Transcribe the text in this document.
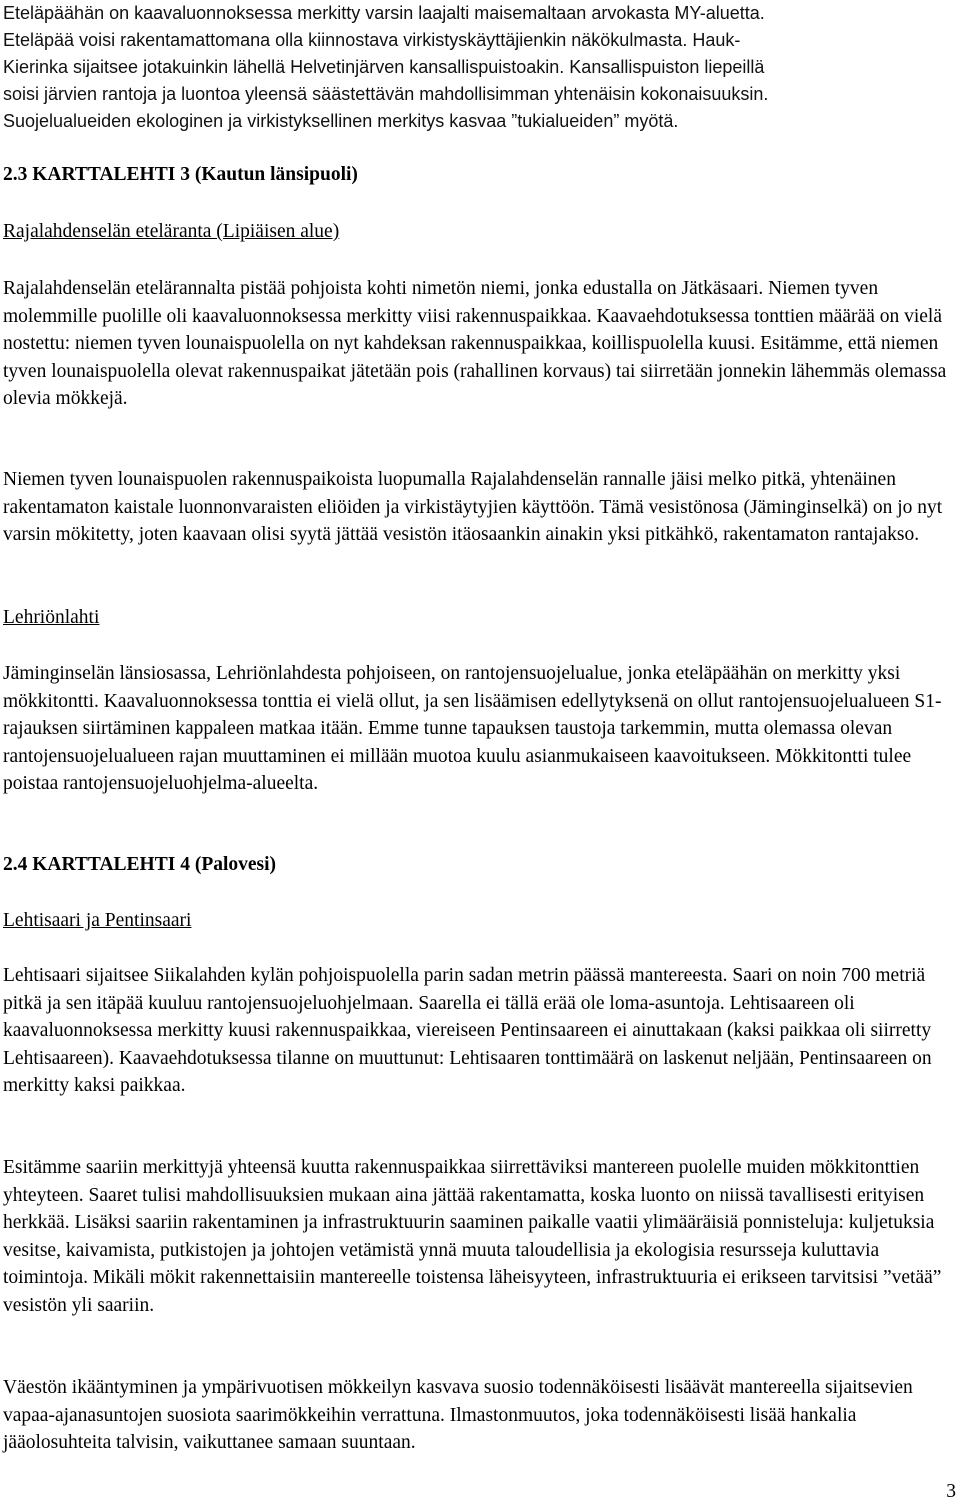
Eteläpäähän on kaavaluonnoksessa merkitty varsin laajalti maisemaltaan arvokasta MY-aluetta.

Eteläpää voisi rakentamattomana olla kiinnostava virkistyskäyttäjienkin näkökulmasta. Hauk-

Kierinka sijaitsee jotakuinkin lähellä Helvetinjärven kansallispuistoakin. Kansallispuiston liepeillä

soisi järvien rantoja ja luontoa yleensä säästettävän mahdollisimman yhtenäisin kokonaisuuksin.

Suojelualueiden ekologinen ja virkistyksellinen merkitys kasvaa ”tukialueiden” myötä.

2.3 KARTTALEHTI 3 (Kautun länsipuoli)

Rajalahdenselän eteläranta (Lipiäisen alue)

Rajalahdenselän etelärannalta pistää pohjoista kohti nimetön niemi, jonka edustalla on Jätkäsaari. Niemen tyven molemmille puolille oli kaavaluonnoksessa merkitty viisi rakennuspaikkaa. Kaavaehdotuksessa tonttien määrää on vielä nostettu: niemen tyven lounaispuolella on nyt kahdeksan rakennuspaikkaa, koillispuolella kuusi. Esitämme, että niemen tyven lounaispuolella olevat rakennuspaikat jätetään pois (rahallinen korvaus) tai siirretään jonnekin lähemmäs olemassa olevia mökkejä.

Niemen tyven lounaispuolen rakennuspaikoista luopumalla Rajalahdenselän rannalle jäisi melko pitkä, yhtenäinen rakentamaton kaistale luonnonvaraisten eliöiden ja virkistäytyjien käyttöön. Tämä vesistönosa (Jäminginselkä) on jo nyt varsin mökitetty, joten kaavaan olisi syytä jättää vesistön itäosaankin ainakin yksi pitkähkö, rakentamaton rantajakso.

Lehriönlahti

Jäminginselän länsiosassa, Lehriönlahdesta pohjoiseen, on rantojensuojelualue, jonka eteläpäähän on merkitty yksi mökkitontti. Kaavaluonnoksessa tonttia ei vielä ollut, ja sen lisäämisen edellytyksenä on ollut rantojensuojelualueen S1-rajauksen siirtäminen kappaleen matkaa itään. Emme tunne tapauksen taustoja tarkemmin, mutta olemassa olevan rantojensuojelualueen rajan muuttaminen ei millään muotoa kuulu asianmukaiseen kaavoitukseen. Mökkitontti tulee poistaa rantojensuojeluohjelma-alueelta.

2.4 KARTTALEHTI 4 (Palovesi)

Lehtisaari ja Pentinsaari

Lehtisaari sijaitsee Siikalahden kylän pohjoispuolella parin sadan metrin päässä mantereesta. Saari on noin 700 metriä pitkä ja sen itäpää kuuluu rantojensuojeluohjelmaan. Saarella ei tällä erää ole loma-asuntoja. Lehtisaareen oli kaavaluonnoksessa merkitty kuusi rakennuspaikkaa, viereiseen Pentinsaareen ei ainuttakaan (kaksi paikkaa oli siirretty Lehtisaareen). Kaavaehdotuksessa tilanne on muuttunut: Lehtisaaren tonttimäärä on laskenut neljään, Pentinsaareen on merkitty kaksi paikkaa.

Esitämme saariin merkittyjä yhteensä kuutta rakennuspaikkaa siirrettäviksi mantereen puolelle muiden mökkitonttien yhteyteen. Saaret tulisi mahdollisuuksien mukaan aina jättää rakentamatta, koska luonto on niissä tavallisesti erityisen herkkää. Lisäksi saariin rakentaminen ja infrastruktuurin saaminen paikalle vaatii ylimääräisiä ponnisteluja: kuljetuksia vesitse, kaivamista, putkistojen ja johtojen vetämistä ynnä muuta taloudellisia ja ekologisia resursseja kuluttavia toimintoja. Mikäli mökit rakennettaisiin mantereelle toistensa läheisyyteen, infrastruktuuria ei erikseen tarvitsisi ”vetää” vesistön yli saariin.

Väestön ikääntyminen ja ympärivuotisen mökkeilyn kasvava suosio todennäköisesti lisäävät mantereella sijaitsevien vapaa-ajanasuntojen suosiota saarimökkeihin verrattuna. Ilmastonmuutos, joka todennäköisesti lisää hankalia jääolosuhteita talvisin, vaikuttanee samaan suuntaan.

3
